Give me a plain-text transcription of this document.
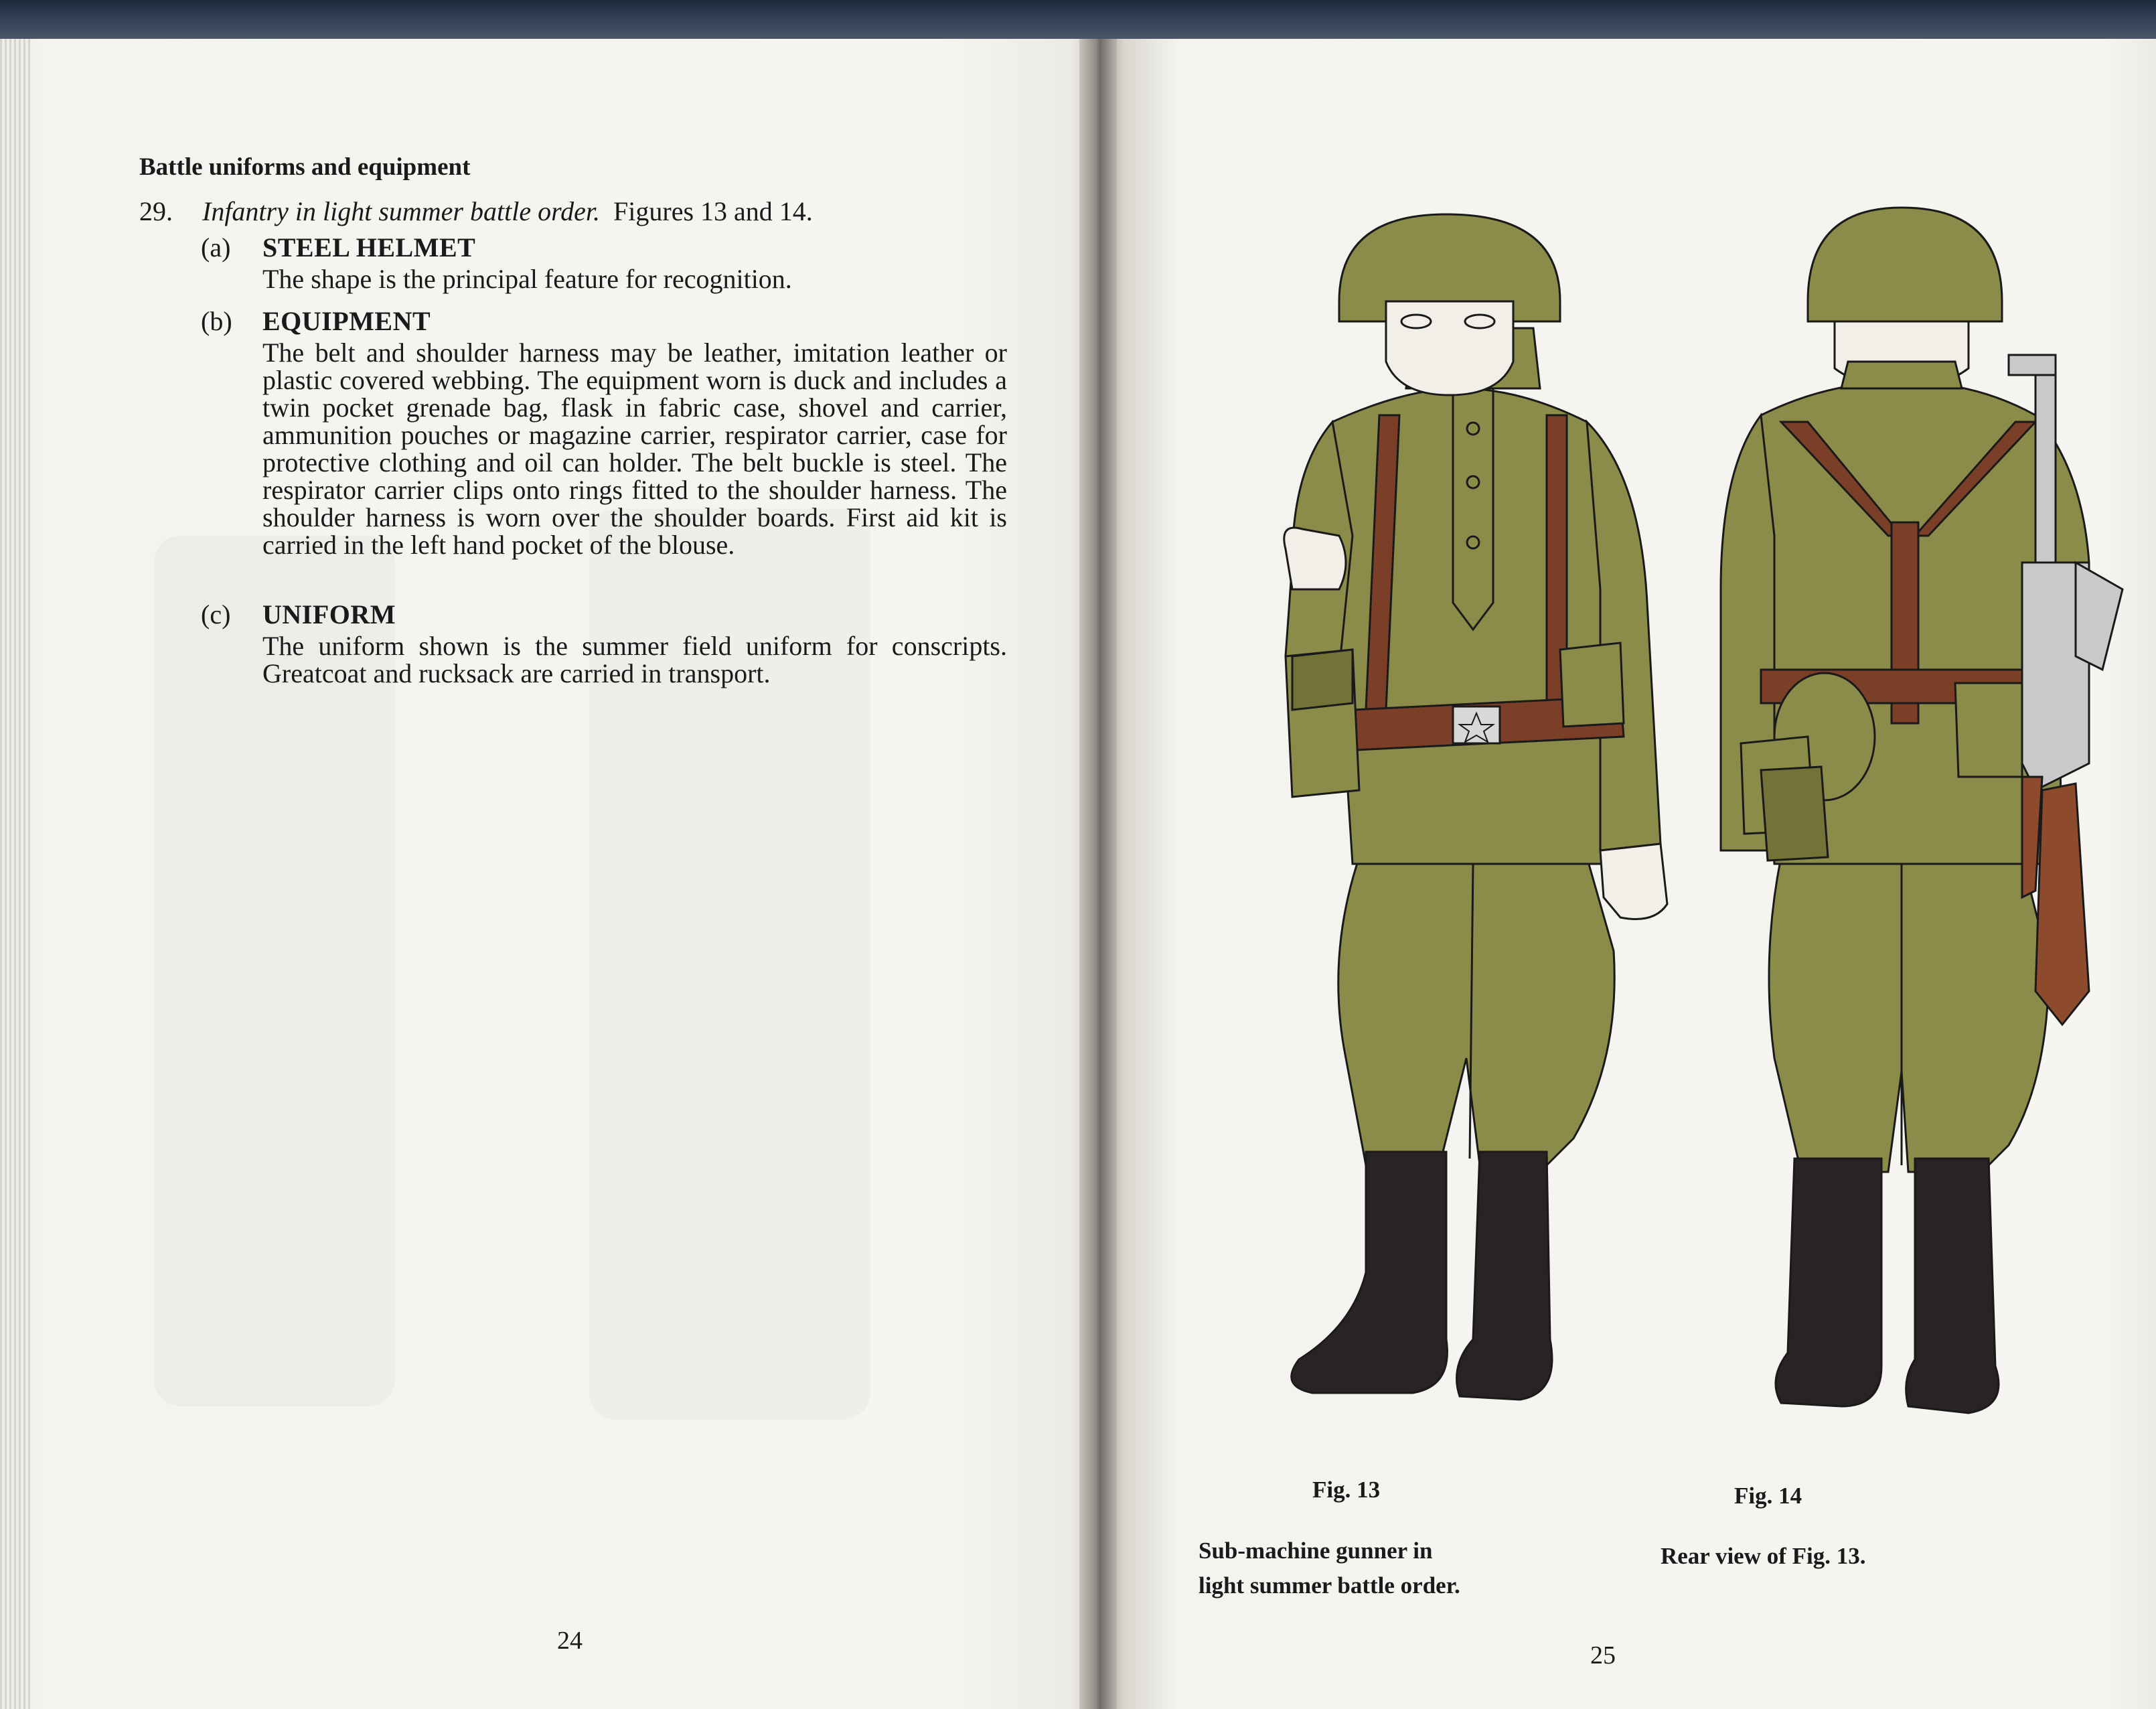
Battle uniforms and equipment
29. Infantry in light summer battle order. Figures 13 and 14.
(a) STEEL HELMET
The shape is the principal feature for recognition.
(b) EQUIPMENT
The belt and shoulder harness may be leather, imitation leather or plastic covered webbing. The equipment worn is duck and includes a twin pocket grenade bag, flask in fabric case, shovel and carrier, ammunition pouches or magazine carrier, respirator carrier, case for protective clothing and oil can holder. The belt buckle is steel. The respirator carrier clips onto rings fitted to the shoulder harness. The shoulder harness is worn over the shoulder boards. First aid kit is carried in the left hand pocket of the blouse.
(c) UNIFORM
The uniform shown is the summer field uniform for conscripts. Greatcoat and rucksack are carried in transport.
24
Fig. 13
Sub-machine gunner in
light summer battle order.
Fig. 14
Rear view of Fig. 13.
25
